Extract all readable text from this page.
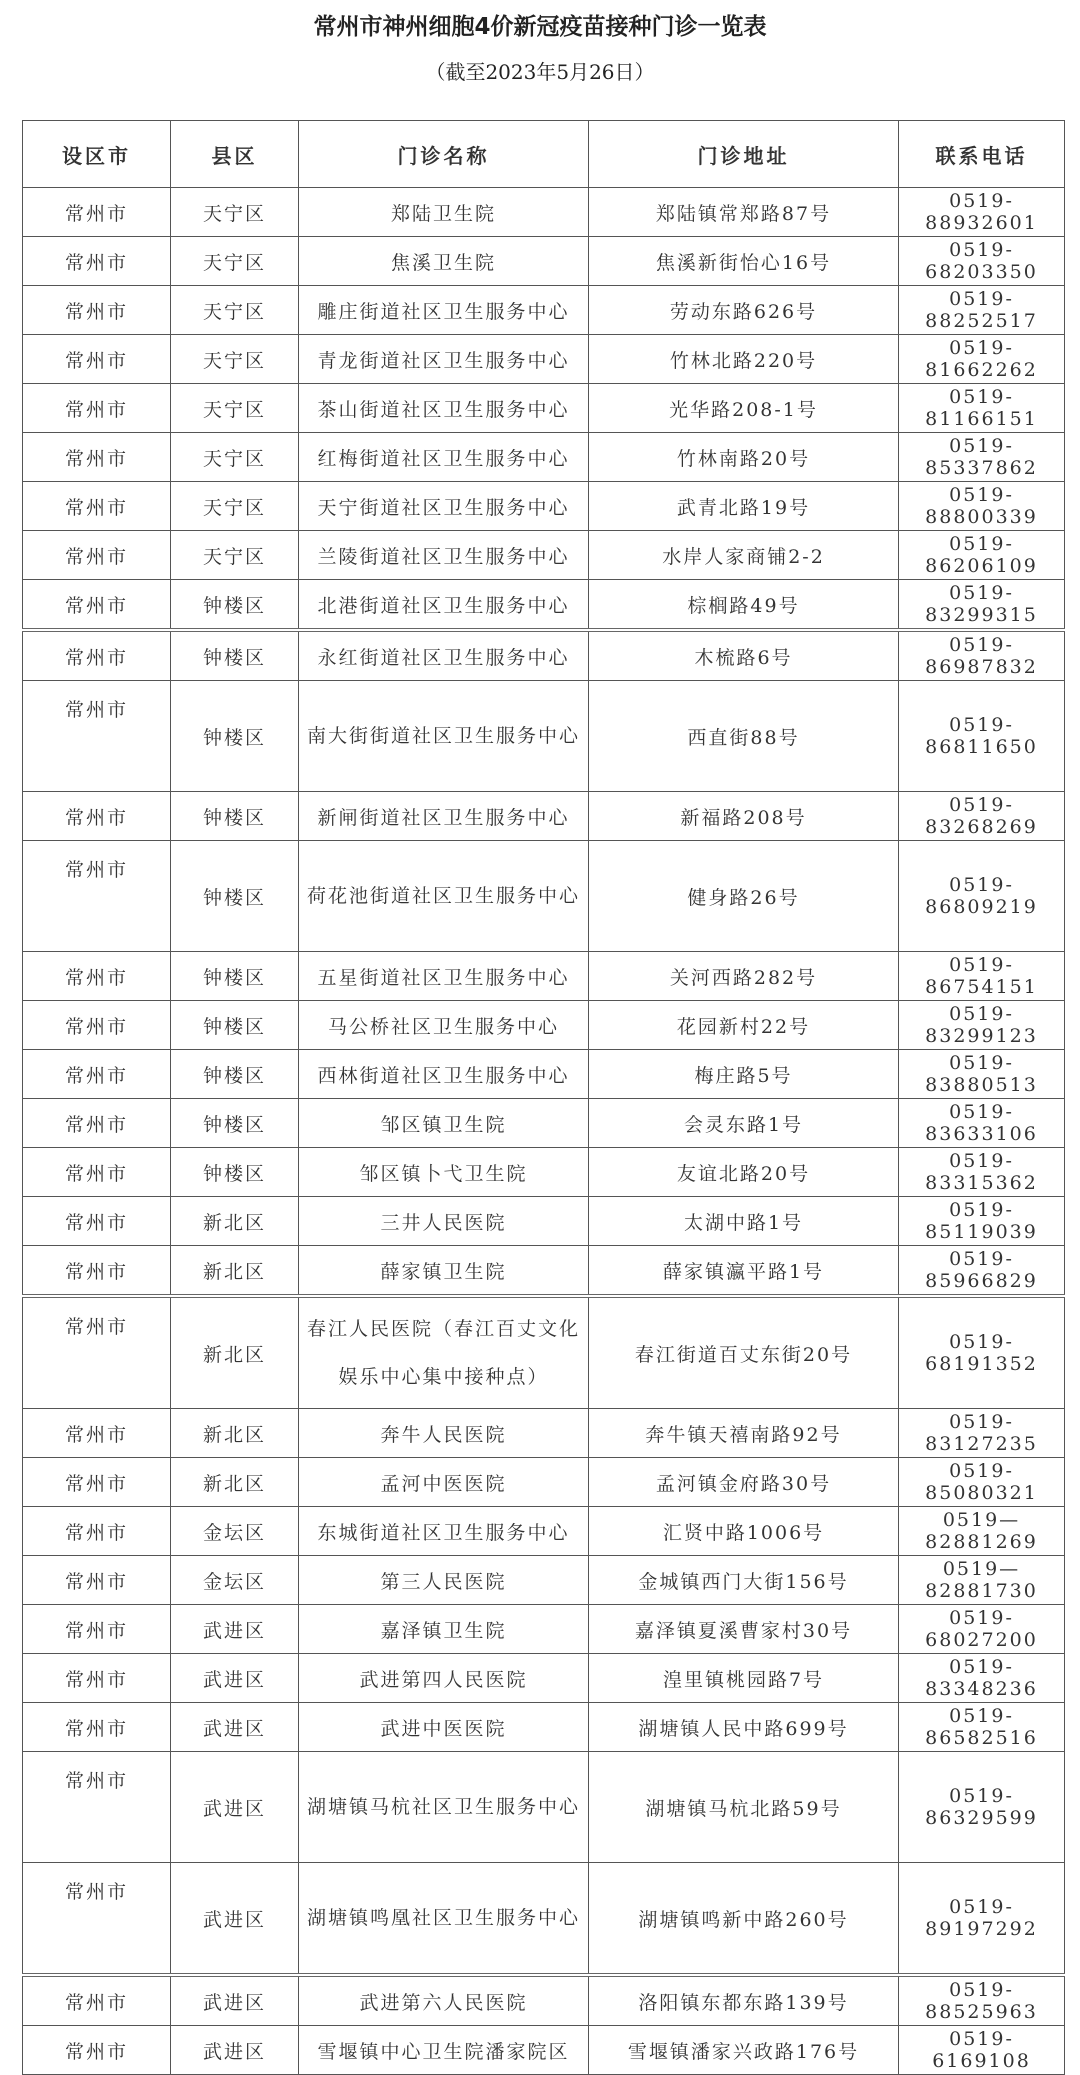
常州市神州细胞4价新冠疫苗接种门诊一览表
（截至2023年5月26日）
设区市	县区	门诊名称	门诊地址	联系电话
常州市	天宁区	郑陆卫生院	郑陆镇常郑路87号	0519-88932601
常州市	天宁区	焦溪卫生院	焦溪新街怡心16号	0519-68203350
常州市	天宁区	雕庄街道社区卫生服务中心	劳动东路626号	0519-88252517
常州市	天宁区	青龙街道社区卫生服务中心	竹林北路220号	0519-81662262
常州市	天宁区	茶山街道社区卫生服务中心	光华路208-1号	0519-81166151
常州市	天宁区	红梅街道社区卫生服务中心	竹林南路20号	0519-85337862
常州市	天宁区	天宁街道社区卫生服务中心	武青北路19号	0519-88800339
常州市	天宁区	兰陵街道社区卫生服务中心	水岸人家商铺2-2	0519-86206109
常州市	钟楼区	北港街道社区卫生服务中心	棕榈路49号	0519-83299315
常州市	钟楼区	永红街道社区卫生服务中心	木梳路6号	0519-86987832
常州市	钟楼区	南大街街道社区卫生服务中心	西直街88号	0519-86811650
常州市	钟楼区	新闸街道社区卫生服务中心	新福路208号	0519-83268269
常州市	钟楼区	荷花池街道社区卫生服务中心	健身路26号	0519-86809219
常州市	钟楼区	五星街道社区卫生服务中心	关河西路282号	0519-86754151
常州市	钟楼区	马公桥社区卫生服务中心	花园新村22号	0519-83299123
常州市	钟楼区	西林街道社区卫生服务中心	梅庄路5号	0519-83880513
常州市	钟楼区	邹区镇卫生院	会灵东路1号	0519-83633106
常州市	钟楼区	邹区镇卜弋卫生院	友谊北路20号	0519-83315362
常州市	新北区	三井人民医院	太湖中路1号	0519-85119039
常州市	新北区	薛家镇卫生院	薛家镇瀛平路1号	0519-85966829
常州市	新北区	春江人民医院（春江百丈文化娱乐中心集中接种点）	春江街道百丈东街20号	0519-68191352
常州市	新北区	奔牛人民医院	奔牛镇天禧南路92号	0519-83127235
常州市	新北区	孟河中医医院	孟河镇金府路30号	0519-85080321
常州市	金坛区	东城街道社区卫生服务中心	汇贤中路1006号	0519—82881269
常州市	金坛区	第三人民医院	金城镇西门大街156号	0519—82881730
常州市	武进区	嘉泽镇卫生院	嘉泽镇夏溪曹家村30号	0519-68027200
常州市	武进区	武进第四人民医院	湟里镇桃园路7号	0519-83348236
常州市	武进区	武进中医医院	湖塘镇人民中路699号	0519-86582516
常州市	武进区	湖塘镇马杭社区卫生服务中心	湖塘镇马杭北路59号	0519-86329599
常州市	武进区	湖塘镇鸣凰社区卫生服务中心	湖塘镇鸣新中路260号	0519-89197292
常州市	武进区	武进第六人民医院	洛阳镇东都东路139号	0519-88525963
常州市	武进区	雪堰镇中心卫生院潘家院区	雪堰镇潘家兴政路176号	0519-6169108
